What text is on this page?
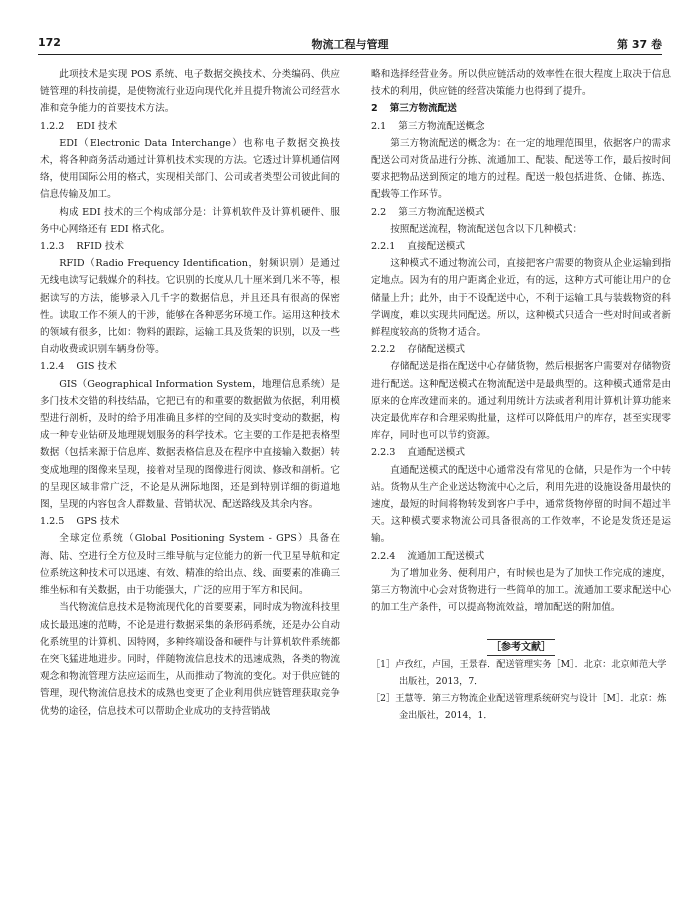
172	物流工程与管理	第 37 卷

此项技术是实现 POS 系统、电子数据交换技术、分类编码、供应链管理的科技前提，是使物流行业迈向现代化并且提升物流公司经营水准和竞争能力的首要技术方法。

1.2.2 EDI 技术

EDI（Electronic Data Interchange）也称电子数据交换技术，将各种商务活动通过计算机技术实现的方法。它透过计算机通信网络，使用国际公用的格式，实现相关部门、公司或者类型公司彼此间的信息传输及加工。

构成 EDI 技术的三个构成部分是：计算机软件及计算机硬件、服务中心网络还有 EDI 格式化。

1.2.3 RFID 技术

RFID（Radio Frequency Identification，射频识别）是通过无线电读写记载媒介的科技。它识别的长度从几十厘米到几米不等，根据读写的方法，能够录入几千字的数据信息，并且还具有很高的保密性。读取工作不须人的干涉，能够在各种恶劣环境工作。运用这种技术的领域有很多，比如：物料的跟踪，运输工具及货架的识别，以及一些自动收费或识别车辆身份等。

1.2.4 GIS 技术

GIS（Geographical Information System，地理信息系统）是多门技术交错的科技结晶，它把已有的和重要的数据做为依据，利用模型进行剖析，及时的给予用准确且多样的空间的及实时变动的数据，构成一种专业钻研及地理规划服务的科学技术。它主要的工作是把表格型数据（包括来源于信息库、数据表格信息及在程序中直接输入数据）转变成地理的图像来呈现，接着对呈现的图像进行阅读、修改和剖析。它的呈现区域非常广泛，不论是从洲际地图，还是到特别详细的街道地图，呈现的内容包含人群数量、营销状况、配送路线及其余内容。

1.2.5 GPS 技术

全球定位系统（Global Positioning System - GPS）具备在海、陆、空进行全方位及时三维导航与定位能力的新一代卫星导航和定位系统这种技术可以迅速、有效、精准的给出点、线、面要素的准确三维坐标和有关数据，由于功能强大，广泛的应用于军方和民间。

当代物流信息技术是物流现代化的首要要素，同时成为物流科技里成长最迅速的范畴，不论是进行数据采集的条形码系统，还是办公自动化系统里的计算机、因特网，多种终端设备和硬件与计算机软件系统都在突飞猛进地进步。同时，伴随物流信息技术的迅速成熟，各类的物流观念和物流管理方法应运而生，从而推动了物流的变化。对于供应链的管理，现代物流信息技术的成熟也变更了企业利用供应链管理获取竞争优势的途径，信息技术可以帮助企业成功的支持营销战

略和选择经营业务。所以供应链活动的效率性在很大程度上取决于信息技术的利用，供应链的经营决策能力也得到了提升。

2 第三方物流配送

2.1 第三方物流配送概念

第三方物流配送的概念为：在一定的地理范围里，依据客户的需求配送公司对货品进行分拣、流通加工、配装、配送等工作，最后按时间要求把物品送到预定的地方的过程。配送一般包括进货、仓储、拣选、配载等工作环节。

2.2 第三方物流配送模式

按照配送流程，物流配送包含以下几种模式：

2.2.1 直接配送模式

这种模式不通过物流公司，直接把客户需要的物资从企业运输到指定地点。因为有的用户距离企业近，有的远，这种方式可能让用户的仓储量上升；此外，由于不设配送中心，不利于运输工具与装载物资的科学调度，难以实现共同配送。所以，这种模式只适合一些对时间或者新鲜程度较高的货物才适合。

2.2.2 存储配送模式

存储配送是指在配送中心存储货物，然后根据客户需要对存储物资进行配送。这种配送模式在物流配送中是最典型的。这种模式通常是由原来的仓库改建而来的。通过利用统计方法或者利用计算机计算功能来决定最优库存和合理采购批量，这样可以降低用户的库存，甚至实现零库存，同时也可以节约资源。

2.2.3 直通配送模式

直通配送模式的配送中心通常没有常见的仓储，只是作为一个中转站。货物从生产企业送达物流中心之后，利用先进的设施设备用最快的速度，最短的时间将物转发到客户手中，通常货物停留的时间不超过半天。这种模式要求物流公司具备很高的工作效率，不论是发货还是运输。

2.2.4 流通加工配送模式

为了增加业务、便利用户，有时候也是为了加快工作完成的速度，第三方物流中心会对货物进行一些简单的加工。流通加工要求配送中心的加工生产条件，可以提高物流效益，增加配送的附加值。

［参考文献］

［1］卢孜红，卢国，王景春．配送管理实务［M］．北京：北京师范大学出版社，2013，7．

［2］王慧等．第三方物流企业配送管理系统研究与设计［M］．北京：炼金出版社，2014，1．
